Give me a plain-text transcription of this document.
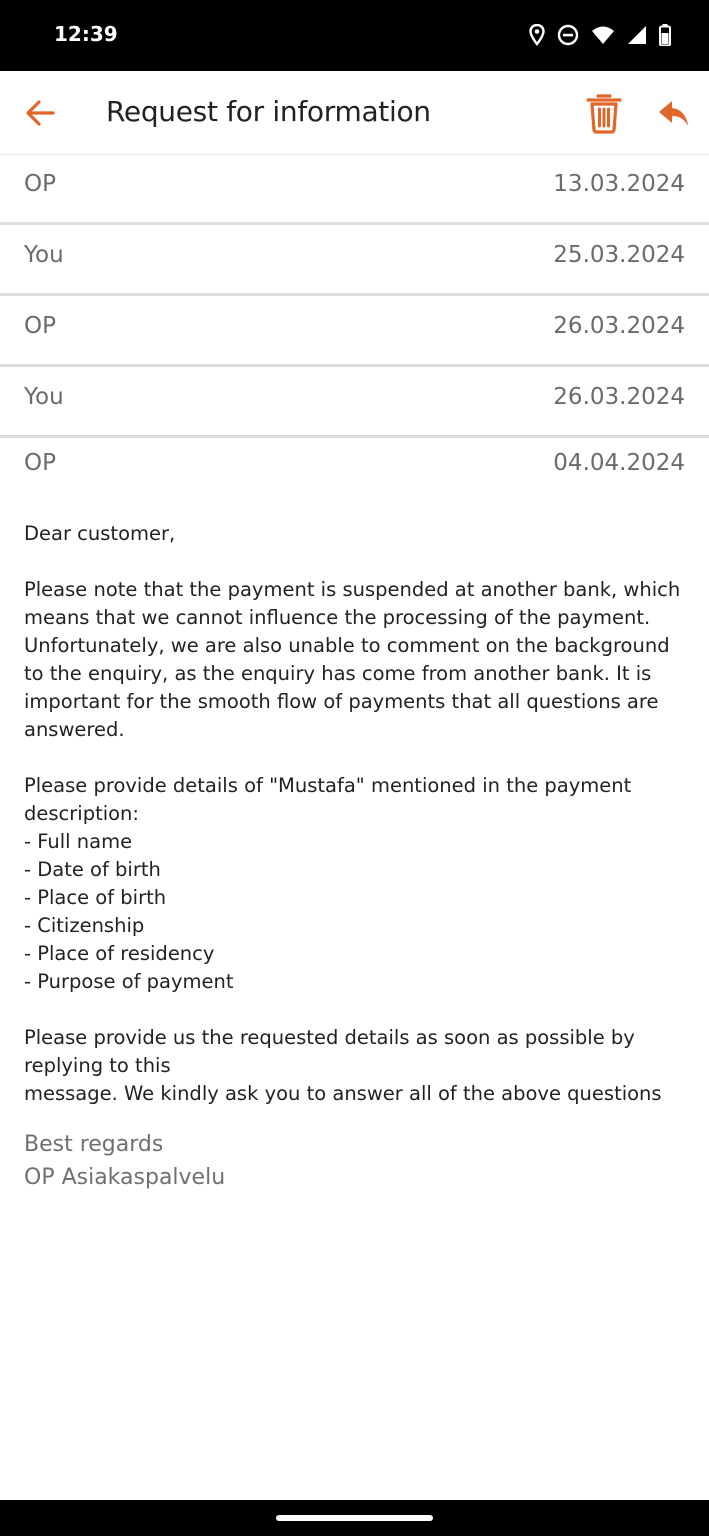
12:39
Request for information
OP	13.03.2024
You	25.03.2024
OP	26.03.2024
You	26.03.2024
OP	04.04.2024

Dear customer,

Please note that the payment is suspended at another bank, which means that we cannot influence the processing of the payment. Unfortunately, we are also unable to comment on the background to the enquiry, as the enquiry has come from another bank. It is important for the smooth flow of payments that all questions are answered.

Please provide details of "Mustafa" mentioned in the payment description:

- Full name

- Date of birth

- Place of birth

- Citizenship

- Place of residency

- Purpose of payment

Please provide us the requested details as soon as possible by replying to this

message. We kindly ask you to answer all of the above questions

Best regards
OP Asiakaspalvelu
